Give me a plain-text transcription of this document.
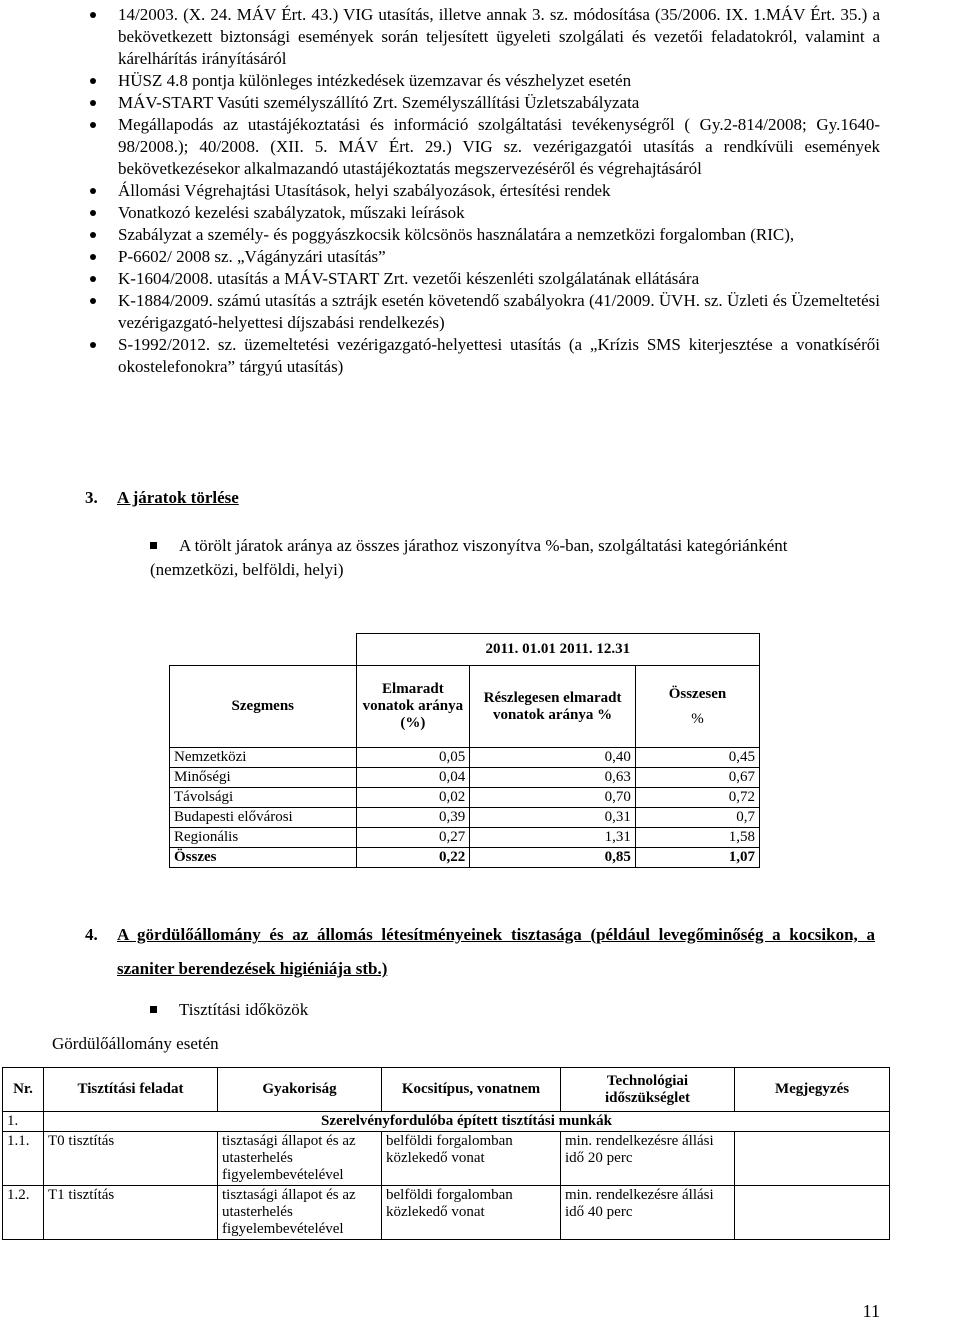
14/2003. (X. 24. MÁV Ért. 43.) VIG utasítás, illetve annak 3. sz. módosítása (35/2006. IX. 1.MÁV Ért. 35.) a bekövetkezett biztonsági események során teljesített ügyeleti szolgálati és vezetői feladatokról, valamint a kárelhárítás irányításáról
HÜSZ 4.8 pontja különleges intézkedések üzemzavar és vészhelyzet esetén
MÁV-START Vasúti személyszállító Zrt. Személyszállítási Üzletszabályzata
Megállapodás az utastájékoztatási és információ szolgáltatási tevékenységről ( Gy.2-814/2008; Gy.1640-98/2008.); 40/2008. (XII. 5. MÁV Ért. 29.) VIG sz. vezérigazgatói utasítás a rendkívüli események bekövetkezésekor alkalmazandó utastájékoztatás megszervezéséről és végrehajtásáról
Állomási Végrehajtási Utasítások, helyi szabályozások, értesítési rendek
Vonatkozó kezelési szabályzatok, műszaki leírások
Szabályzat a személy- és poggyászkocsik kölcsönös használatára a nemzetközi forgalomban (RIC),
P-6602/ 2008 sz. „Vágányzári utasítás”
K-1604/2008. utasítás a MÁV-START Zrt. vezetői készenléti szolgálatának ellátására
K-1884/2009. számú utasítás a sztrájk esetén követendő szabályokra (41/2009. ÜVH. sz. Üzleti és Üzemeltetési vezérigazgató-helyettesi díjszabási rendelkezés)
S-1992/2012. sz. üzemeltetési vezérigazgató-helyettesi utasítás (a „Krízis SMS kiterjesztése a vonatkísérői okostelefonokra” tárgyú utasítás)
3. A járatok törlése
A törölt járatok aránya az összes járathoz viszonyítva %-ban, szolgáltatási kategóriánként (nemzetközi, belföldi, helyi)
	2011. 01.01 2011. 12.31		
Szegmens	Elmaradt vonatok aránya (%)	Részlegesen elmaradt vonatok aránya %	Összesen
%

Nemzetközi	0,05	0,40	0,45
Minőségi	0,04	0,63	0,67
Távolsági	0,02	0,70	0,72
Budapesti elővárosi	0,39	0,31	0,7
Regionális	0,27	1,31	1,58
Összes	0,22	0,85	1,07
4.	A gördülőállomány és az állomás létesítményeinek tisztasága (például levegőminőség a kocsikon, a szaniter berendezések higiéniája stb.)
Tisztítási időközök
Gördülőállomány esetén
Nr.	Tisztítási feladat	Gyakoriság	Kocsitípus, vonatnem	Technológiai időszükséglet	Megjegyzés
1.	Szerelvényfordulóba épített tisztítási munkák				
1.1.	T0 tisztítás	tisztasági állapot és az utasterhelés figyelembevételével	belföldi forgalomban közlekedő vonat	min. rendelkezésre állási idő 20 perc	
1.2.	T1 tisztítás	tisztasági állapot és az utasterhelés figyelembevételével	belföldi forgalomban közlekedő vonat	min. rendelkezésre állási idő 40 perc	
11
